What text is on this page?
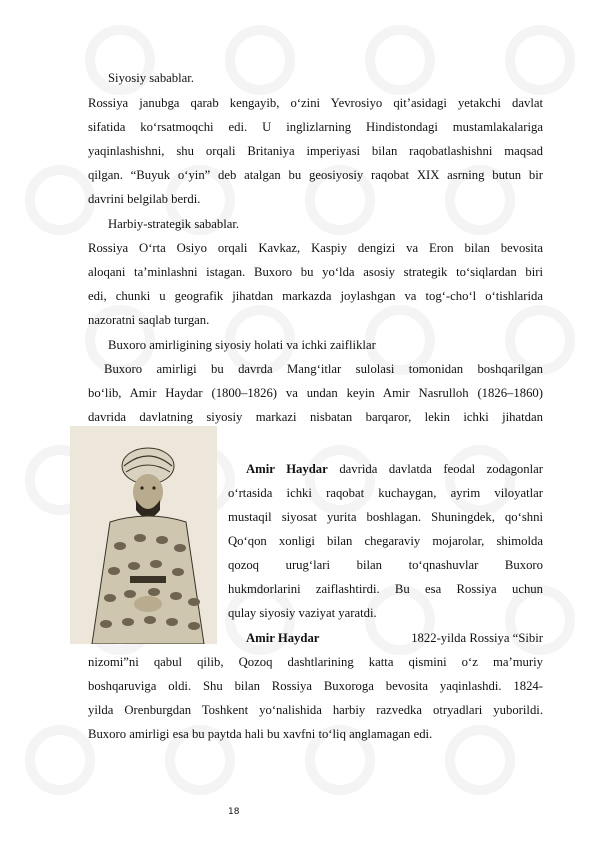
Siyosiy sabablar.
Rossiya janubga qarab kengayib, o‘zini Yevrosiyo qit’asidagi yetakchi davlat
sifatida ko‘rsatmoqchi edi. U inglizlarning Hindistondagi mustamlakalariga
yaqinlashishni, shu orqali Britaniya imperiyasi bilan raqobatlashishni maqsad
qilgan. “Buyuk o‘yin” deb atalgan bu geosiyosiy raqobat XIX asrning butun bir
davrini belgilab berdi.
Harbiy-strategik sabablar.
Rossiya O‘rta Osiyo orqali Kavkaz, Kaspiy dengizi va Eron bilan bevosita
aloqani ta’minlashni istagan. Buxoro bu yo‘lda asosiy strategik to‘siqlardan biri
edi, chunki u geografik jihatdan markazda joylashgan va tog‘-cho‘l o‘tishlarida
nazoratni saqlab turgan.
Buxoro amirligining siyosiy holati va ichki zaifliklar
Buxoro amirligi bu davrda Mang‘itlar sulolasi tomonidan boshqarilgan
bo‘lib, Amir Haydar (1800–1826) va undan keyin Amir Nasrulloh (1826–1860)
davrida davlatning siyosiy markazi nisbatan barqaror, lekin ichki jihatdan
Amir Haydar davrida davlatda feodal zodagonlar
o‘rtasida ichki raqobat kuchaygan, ayrim viloyatlar
mustaqil siyosat yurita boshlagan. Shuningdek, qo‘shni
Qo‘qon xonligi bilan chegaraviy mojarolar, shimolda
qozoq urug‘lari bilan to‘qnashuvlar Buxoro
hukmdorlarini zaiflashtirdi. Bu esa Rossiya uchun
qulay siyosiy vaziyat yaratdi.
Amir Haydar	1822-yilda Rossiya “Sibir
nizomi”ni qabul qilib, Qozoq dashtlarining katta qismini o‘z ma’muriy
boshqaruviga oldi. Shu bilan Rossiya Buxoroga bevosita yaqinlashdi. 1824-
yilda Orenburgdan Toshkent yo‘nalishida harbiy razvedka otryadlari yuborildi.
Buxoro amirligi esa bu paytda hali bu xavfni to‘liq anglamagan edi.
18
